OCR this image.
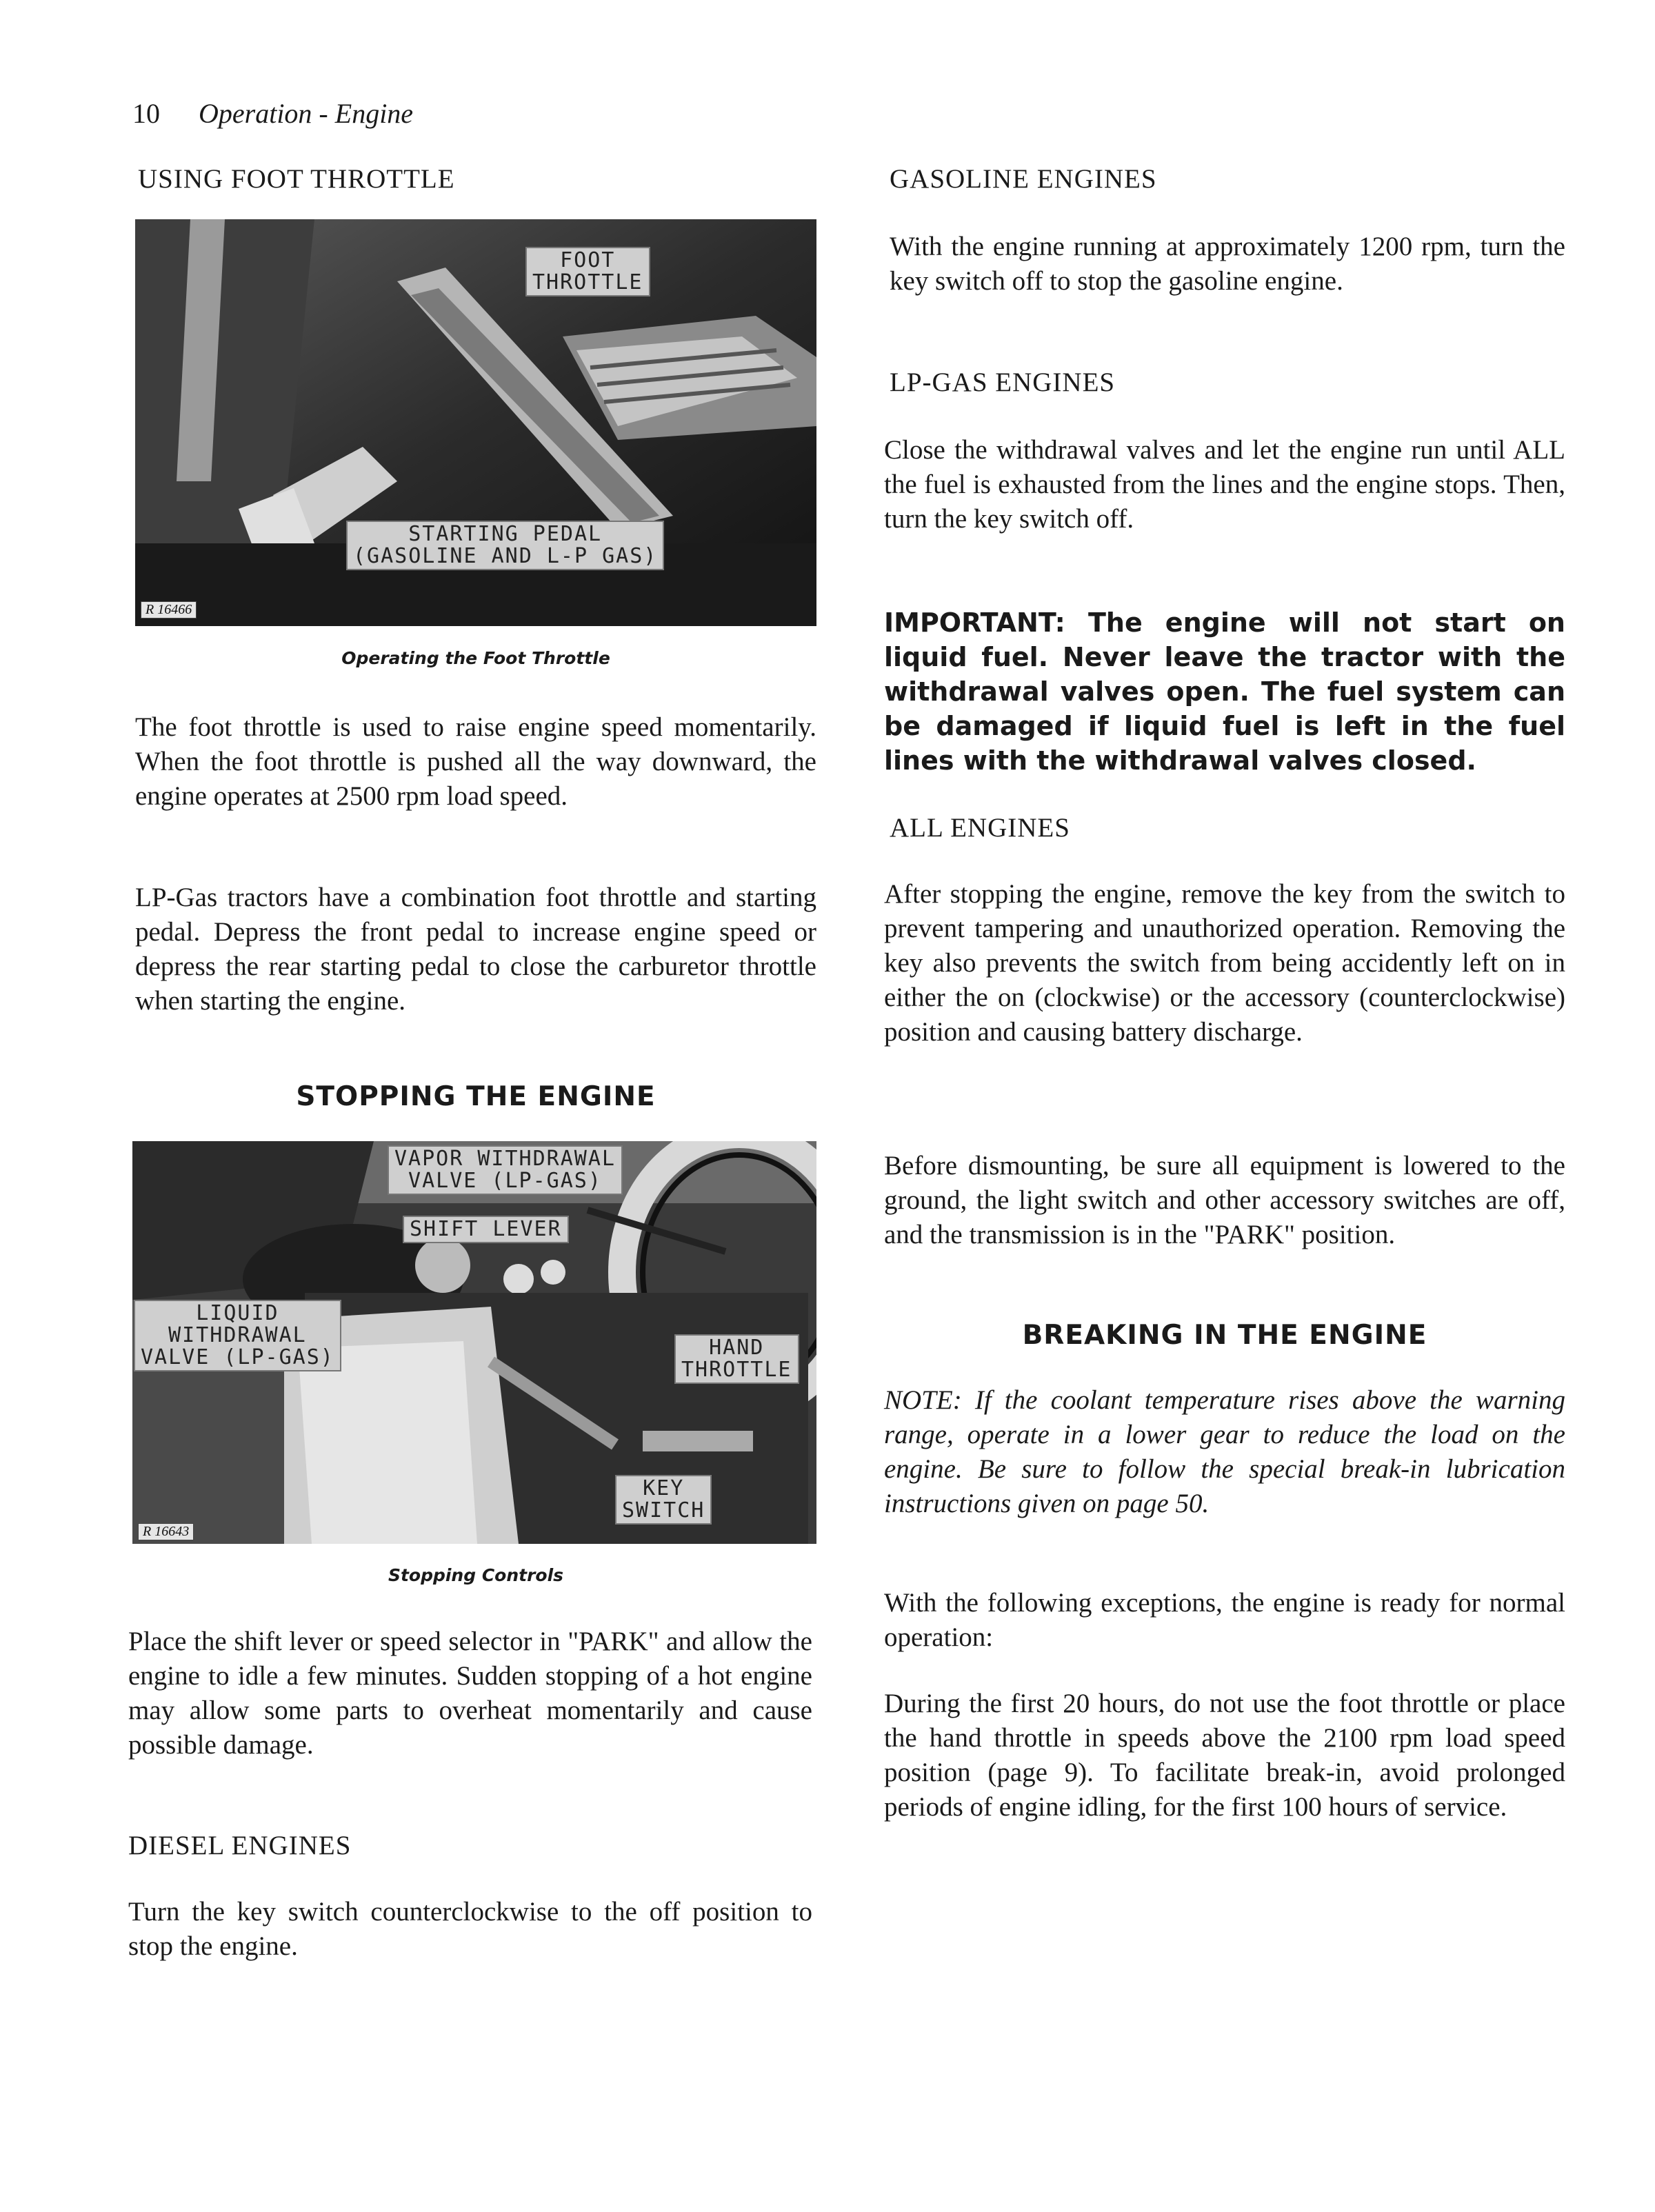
10 Operation - Engine
USING FOOT THROTTLE
FOOT
THROTTLE
STARTING PEDAL
(GASOLINE AND L-P GAS)
R 16466
Operating the Foot Throttle

The foot throttle is used to raise engine speed momentarily. When the foot throttle is pushed all the way downward, the engine operates at 2500 rpm load speed.

LP-Gas tractors have a combination foot throttle and starting pedal. Depress the front pedal to increase engine speed or depress the rear starting pedal to close the carburetor throttle when starting the engine.

STOPPING THE ENGINE
VAPOR WITHDRAWAL
VALVE (LP-GAS)
SHIFT LEVER
LIQUID
WITHDRAWAL
VALVE (LP-GAS)	HAND
THROTTLE
KEY
SWITCH
R 16643
Stopping Controls

Place the shift lever or speed selector in "PARK" and allow the engine to idle a few minutes. Sudden stopping of a hot engine may allow some parts to overheat momentarily and cause possible damage.

DIESEL ENGINES

Turn the key switch counterclockwise to the off position to stop the engine.

GASOLINE ENGINES

With the engine running at approximately 1200 rpm, turn the key switch off to stop the gasoline engine.

LP-GAS ENGINES

Close the withdrawal valves and let the engine run until ALL the fuel is exhausted from the lines and the engine stops. Then, turn the key switch off.

IMPORTANT: The engine will not start on liquid fuel. Never leave the tractor with the withdrawal valves open. The fuel system can be damaged if liquid fuel is left in the fuel lines with the withdrawal valves closed.

ALL ENGINES

After stopping the engine, remove the key from the switch to prevent tampering and unauthorized operation. Removing the key also prevents the switch from being accidently left on in either the on (clockwise) or the accessory (counterclockwise) position and causing battery discharge.

Before dismounting, be sure all equipment is lowered to the ground, the light switch and other accessory switches are off, and the transmission is in the "PARK" position.

BREAKING IN THE ENGINE

NOTE: If the coolant temperature rises above the warning range, operate in a lower gear to reduce the load on the engine. Be sure to follow the special break-in lubrication instructions given on page 50.

With the following exceptions, the engine is ready for normal operation:

During the first 20 hours, do not use the foot throttle or place the hand throttle in speeds above the 2100 rpm load speed position (page 9). To facilitate break-in, avoid prolonged periods of engine idling, for the first 100 hours of service.
